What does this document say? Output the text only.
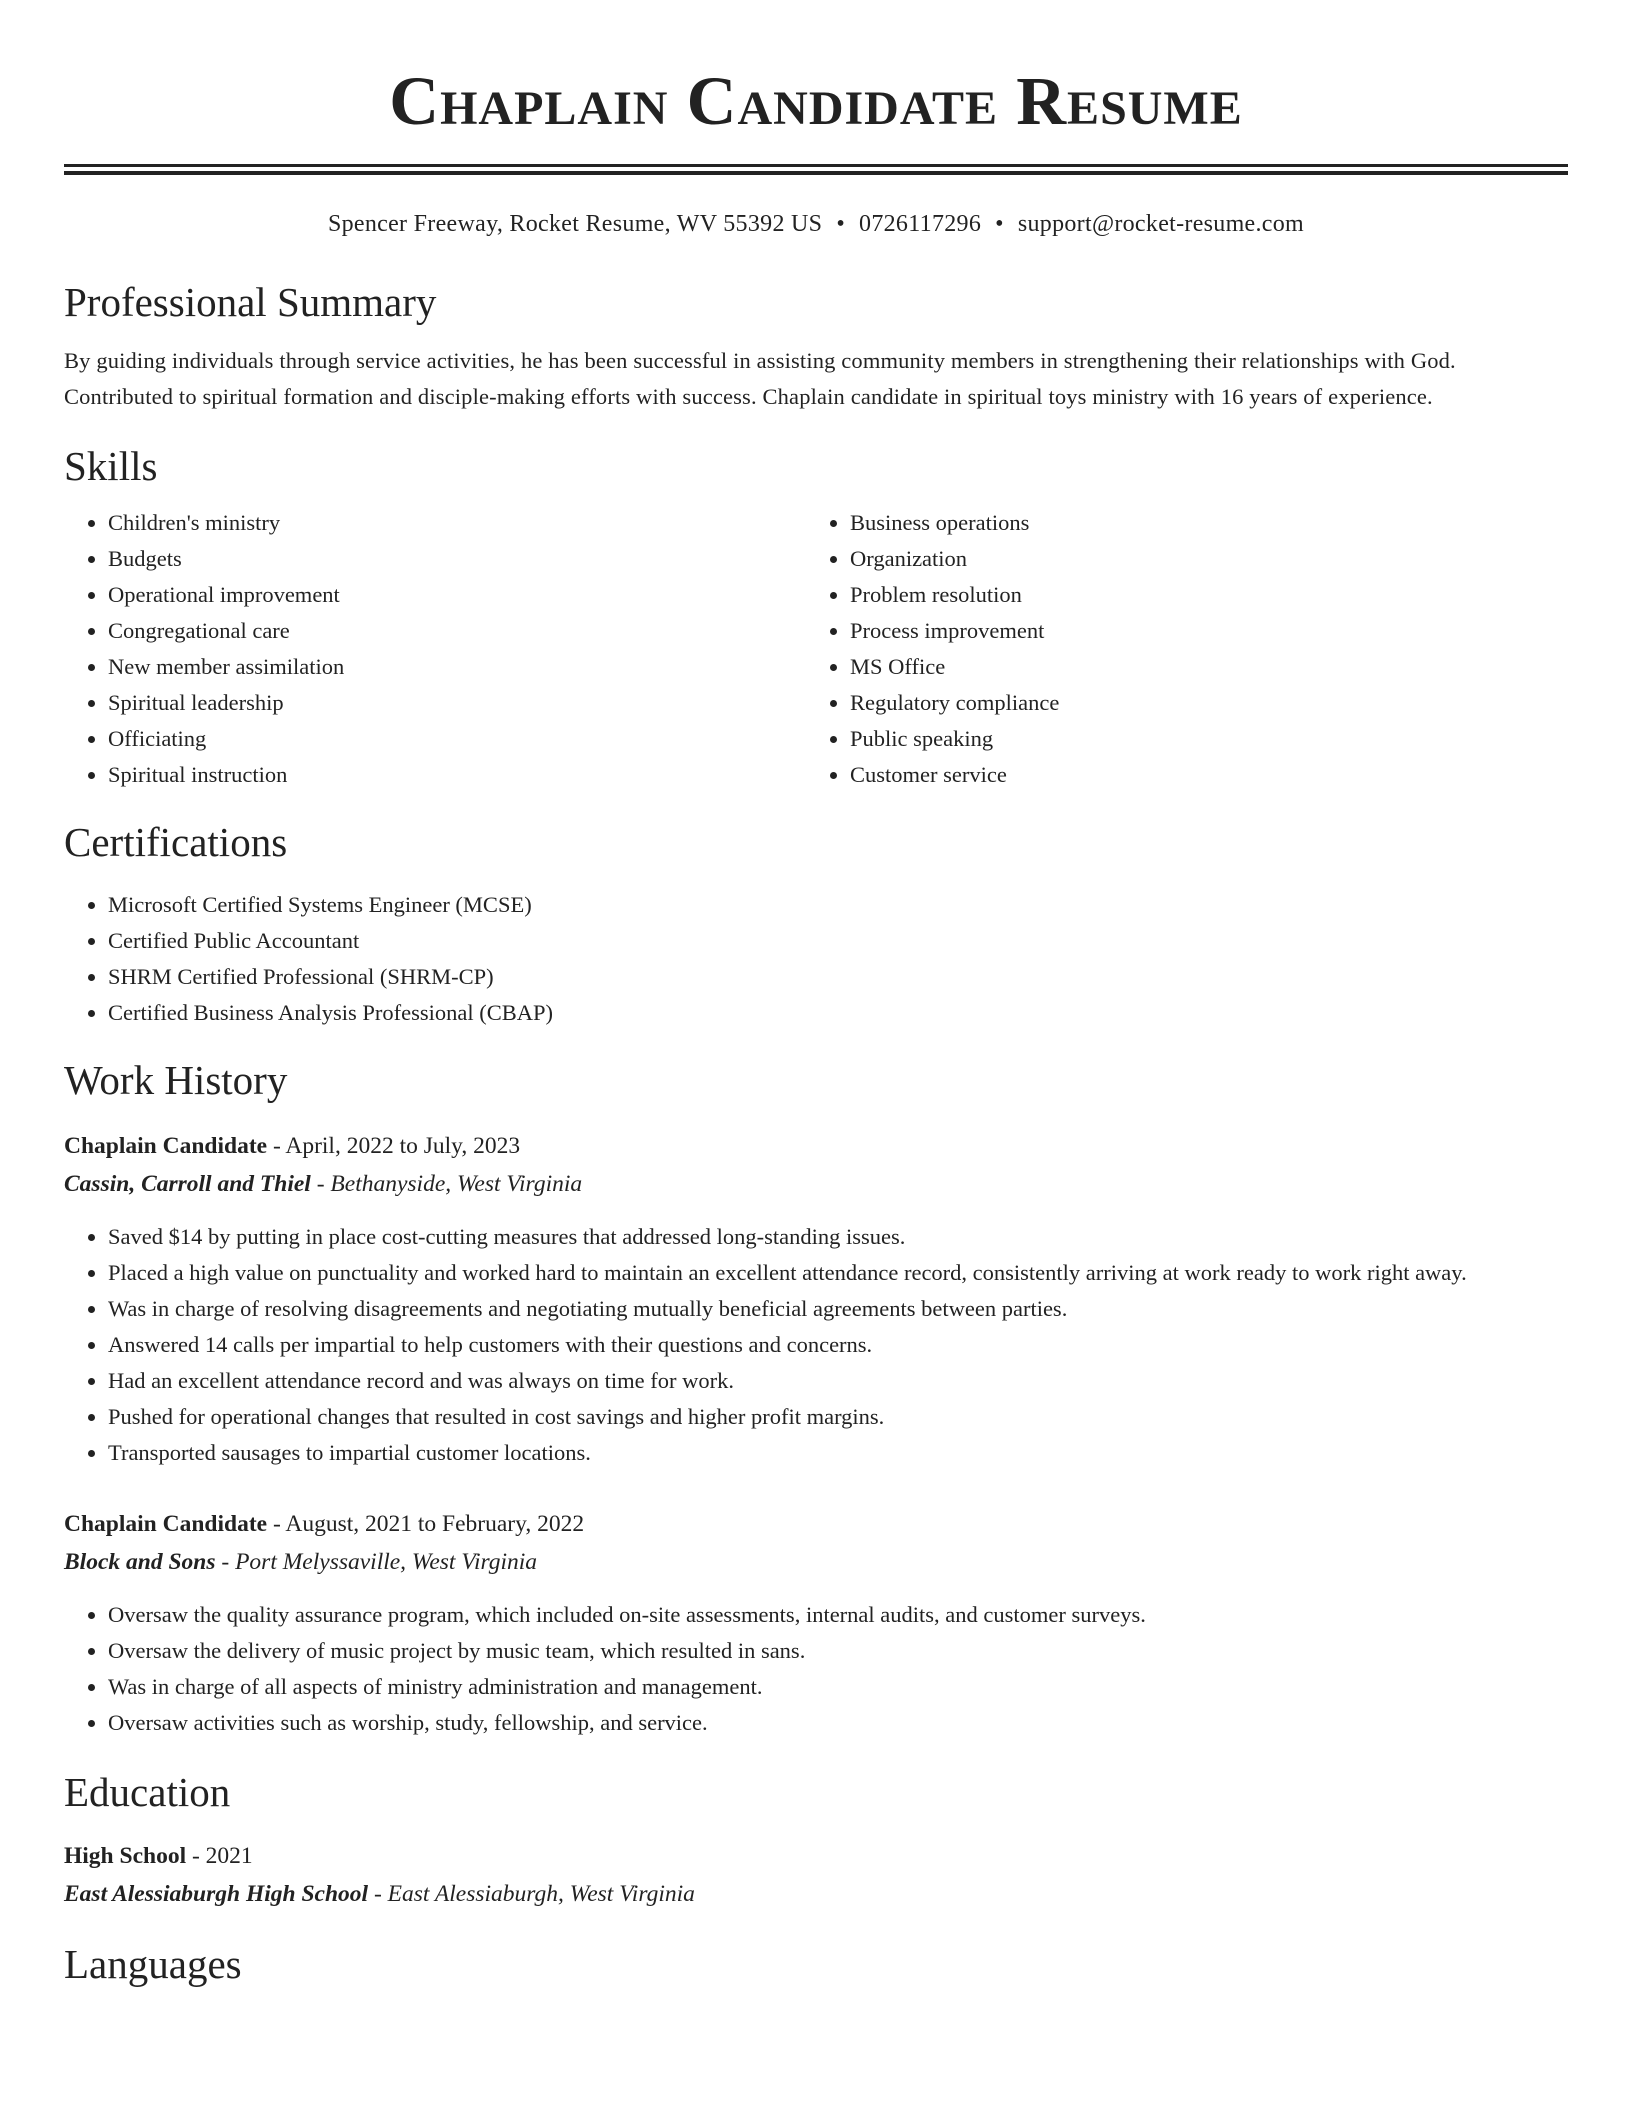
Chaplain Candidate Resume
Spencer Freeway, Rocket Resume, WV 55392 US • 0726117296 • support@rocket-resume.com
Professional Summary
By guiding individuals through service activities, he has been successful in assisting community members in strengthening their relationships with God. Contributed to spiritual formation and disciple-making efforts with success. Chaplain candidate in spiritual toys ministry with 16 years of experience.
Skills
• Children's ministry
• Budgets
• Operational improvement
• Congregational care
• New member assimilation
• Spiritual leadership
• Officiating
• Spiritual instruction
• Business operations
• Organization
• Problem resolution
• Process improvement
• MS Office
• Regulatory compliance
• Public speaking
• Customer service
Certifications
• Microsoft Certified Systems Engineer (MCSE)
• Certified Public Accountant
• SHRM Certified Professional (SHRM-CP)
• Certified Business Analysis Professional (CBAP)
Work History
Chaplain Candidate - April, 2022 to July, 2023
Cassin, Carroll and Thiel - Bethanyside, West Virginia
• Saved $14 by putting in place cost-cutting measures that addressed long-standing issues.
• Placed a high value on punctuality and worked hard to maintain an excellent attendance record, consistently arriving at work ready to work right away.
• Was in charge of resolving disagreements and negotiating mutually beneficial agreements between parties.
• Answered 14 calls per impartial to help customers with their questions and concerns.
• Had an excellent attendance record and was always on time for work.
• Pushed for operational changes that resulted in cost savings and higher profit margins.
• Transported sausages to impartial customer locations.
Chaplain Candidate - August, 2021 to February, 2022
Block and Sons - Port Melyssaville, West Virginia
• Oversaw the quality assurance program, which included on-site assessments, internal audits, and customer surveys.
• Oversaw the delivery of music project by music team, which resulted in sans.
• Was in charge of all aspects of ministry administration and management.
• Oversaw activities such as worship, study, fellowship, and service.
Education
High School - 2021
East Alessiaburgh High School - East Alessiaburgh, West Virginia
Languages
